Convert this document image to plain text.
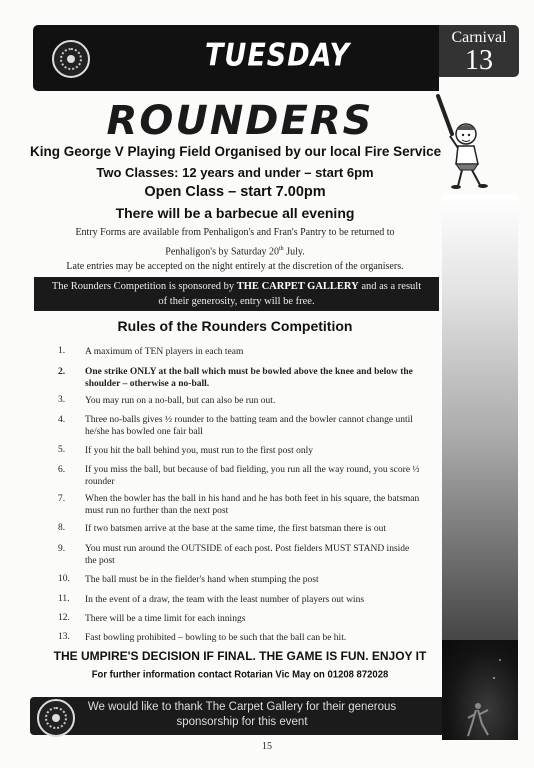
TUESDAY
Carnival
13
ROUNDERS
King George V Playing Field Organised by our local Fire Service
Two Classes: 12 years and under – start 6pm
Open Class – start 7.00pm
There will be a barbecue all evening
Entry Forms are available from Penhaligon's and Fran's Pantry to be returned to
Penhaligon's by Saturday 20th July.
Late entries may be accepted on the night entirely at the discretion of the organisers.
The Rounders Competition is sponsored by THE CARPET GALLERY and as a result
of their generosity, entry will be free.
Rules of the Rounders Competition
1. A maximum of TEN players in each team
2. One strike ONLY at the ball which must be bowled above the knee and below the shoulder – otherwise a no-ball.
3. You may run on a no-ball, but can also be run out.
4. Three no-balls gives ½ rounder to the batting team and the bowler cannot change until he/she has bowled one fair ball
5. If you hit the ball behind you, must run to the first post only
6. If you miss the ball, but because of bad fielding, you run all the way round, you score ½ rounder
7. When the bowler has the ball in his hand and he has both feet in his square, the batsman must run no further than the next post
8. If two batsmen arrive at the base at the same time, the first batsman there is out
9. You must run around the OUTSIDE of each post. Post fielders MUST STAND inside the post
10. The ball must be in the fielder's hand when stumping the post
11. In the event of a draw, the team with the least number of players out wins
12. There will be a time limit for each innings
13. Fast bowling prohibited – bowling to be such that the ball can be hit.
THE UMPIRE'S DECISION IF FINAL. THE GAME IS FUN. ENJOY IT
For further information contact Rotarian Vic May on 01208 872028
We would like to thank The Carpet Gallery for their generous
sponsorship for this event
15
